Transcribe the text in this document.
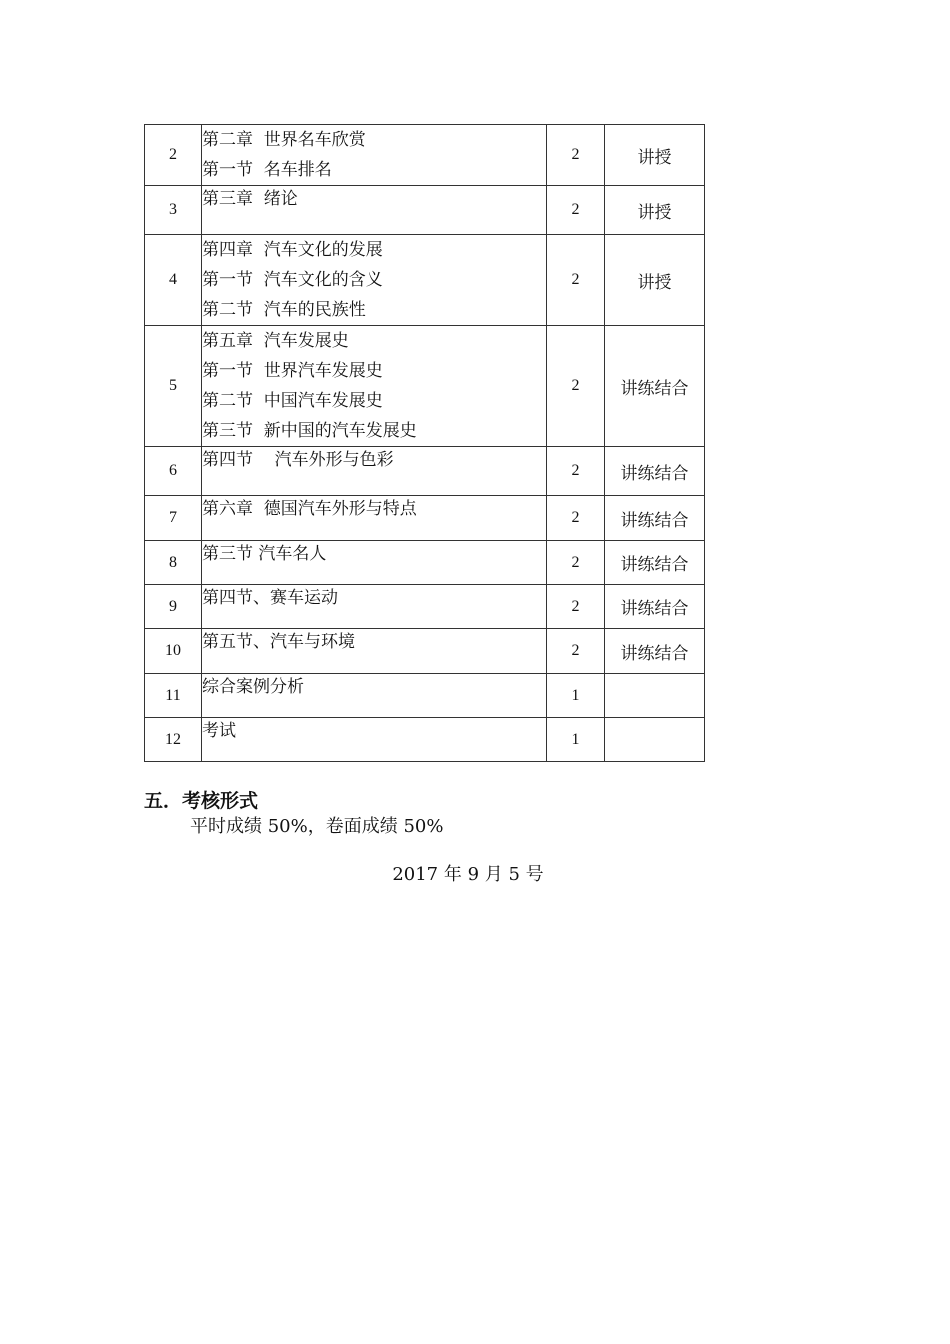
2	第二章  世界名车欣赏
第一节  名车排名	2	讲授
3	第三章  绪论	2	讲授
4	第四章  汽车文化的发展
第一节  汽车文化的含义
第二节  汽车的民族性	2	讲授
5	第五章  汽车发展史
第一节  世界汽车发展史
第二节  中国汽车发展史
第三节  新中国的汽车发展史	2	讲练结合
6	第四节    汽车外形与色彩	2	讲练结合
7	第六章  德国汽车外形与特点	2	讲练结合
8	第三节 汽车名人	2	讲练结合
9	第四节、赛车运动	2	讲练结合
10	第五节、汽车与环境	2	讲练结合
11	综合案例分析	1	
12	考试	1	
五．考核形式
平时成绩 50%，卷面成绩 50%
2017 年 9 月 5 号
